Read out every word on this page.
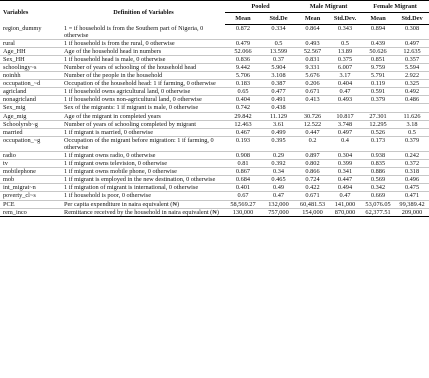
Variables	Definition of Variables	Pooled		Male Migrant		Female Migrant	
		Mean	Std.De	Mean	Std.Dev.	Mean	Std.Dev
region_dummy	1 = if household is from the Southern part of Nigeria, 0 otherwise	0.872	0.334	0.864	0.343	0.894	0.308
rural	1 if household is from the rural, 0 otherwise	0.479	0.5	0.493	0.5	0.439	0.497
Age_HH	Age of the household head in numbers	52.066	13.599	52.567	13.89	50.626	12.635
Sex_HH	1 if household head is male, 0 otherwise	0.836	0.37	0.831	0.375	0.851	0.357
schoolingy~s	Number of years of schooling of the household head	9.442	5.904	9.331	6.007	9.759	5.594
noinhh	Number of the people in the household	5.706	3.108	5.676	3.17	5.791	2.922
occupation_~d	Occupation of the household head: 1 if farming, 0 otherwise	0.183	0.387	0.206	0.404	0.119	0.325
agricland	1 if household owns agricultural land, 0 otherwise	0.65	0.477	0.671	0.47	0.591	0.492
nonagricland	1 if household owns non-agricultural land, 0 otherwise	0.404	0.491	0.413	0.493	0.379	0.486
Sex_mig	Sex of the migrants: 1 if migrant is male, 0 otherwise	0.742	0.438				
Age_mig	Age of the migrant in completed years	29.842	11.129	30.726	10.817	27.301	11.626
Schoolyrsb~g	Number of years of schooling completed by migrant	12.463	3.61	12.522	3.748	12.295	3.18
married	1 if migrant is married, 0 otherwise	0.467	0.499	0.447	0.497	0.526	0.5
occupation_~g	Occupation of the migrant before migration: 1 if farming, 0 otherwise	0.193	0.395	0.2	0.4	0.173	0.379
radio	1 if migrant owns radio, 0 otherwise	0.908	0.29	0.897	0.304	0.938	0.242
tv	1 if migrant owns television, 0 otherwise	0.81	0.392	0.802	0.399	0.835	0.372
mobilephone	1 if migrant owns mobile phone, 0 otherwise	0.867	0.34	0.866	0.341	0.886	0.318
mob	1 if migrant is employed in the new destination, 0 otherwise	0.684	0.465	0.724	0.447	0.569	0.496
int_migrat~n	1 if migration of migrant is international, 0 otherwise	0.401	0.49	0.422	0.494	0.342	0.475
poverty_cl~s	1 if household is poor, 0 otherwise	0.67	0.47	0.671	0.47	0.669	0.471
PCE	Per capita expenditure in naira equivalent (₦)	58,569.27	132,000	60,481.53	141,000	53,076.05	99,389.42
rem_inco	Remittance received by the household in naira equivalent (₦)	130,000	757,000	154,000	870,000	62,377.51	209,000
